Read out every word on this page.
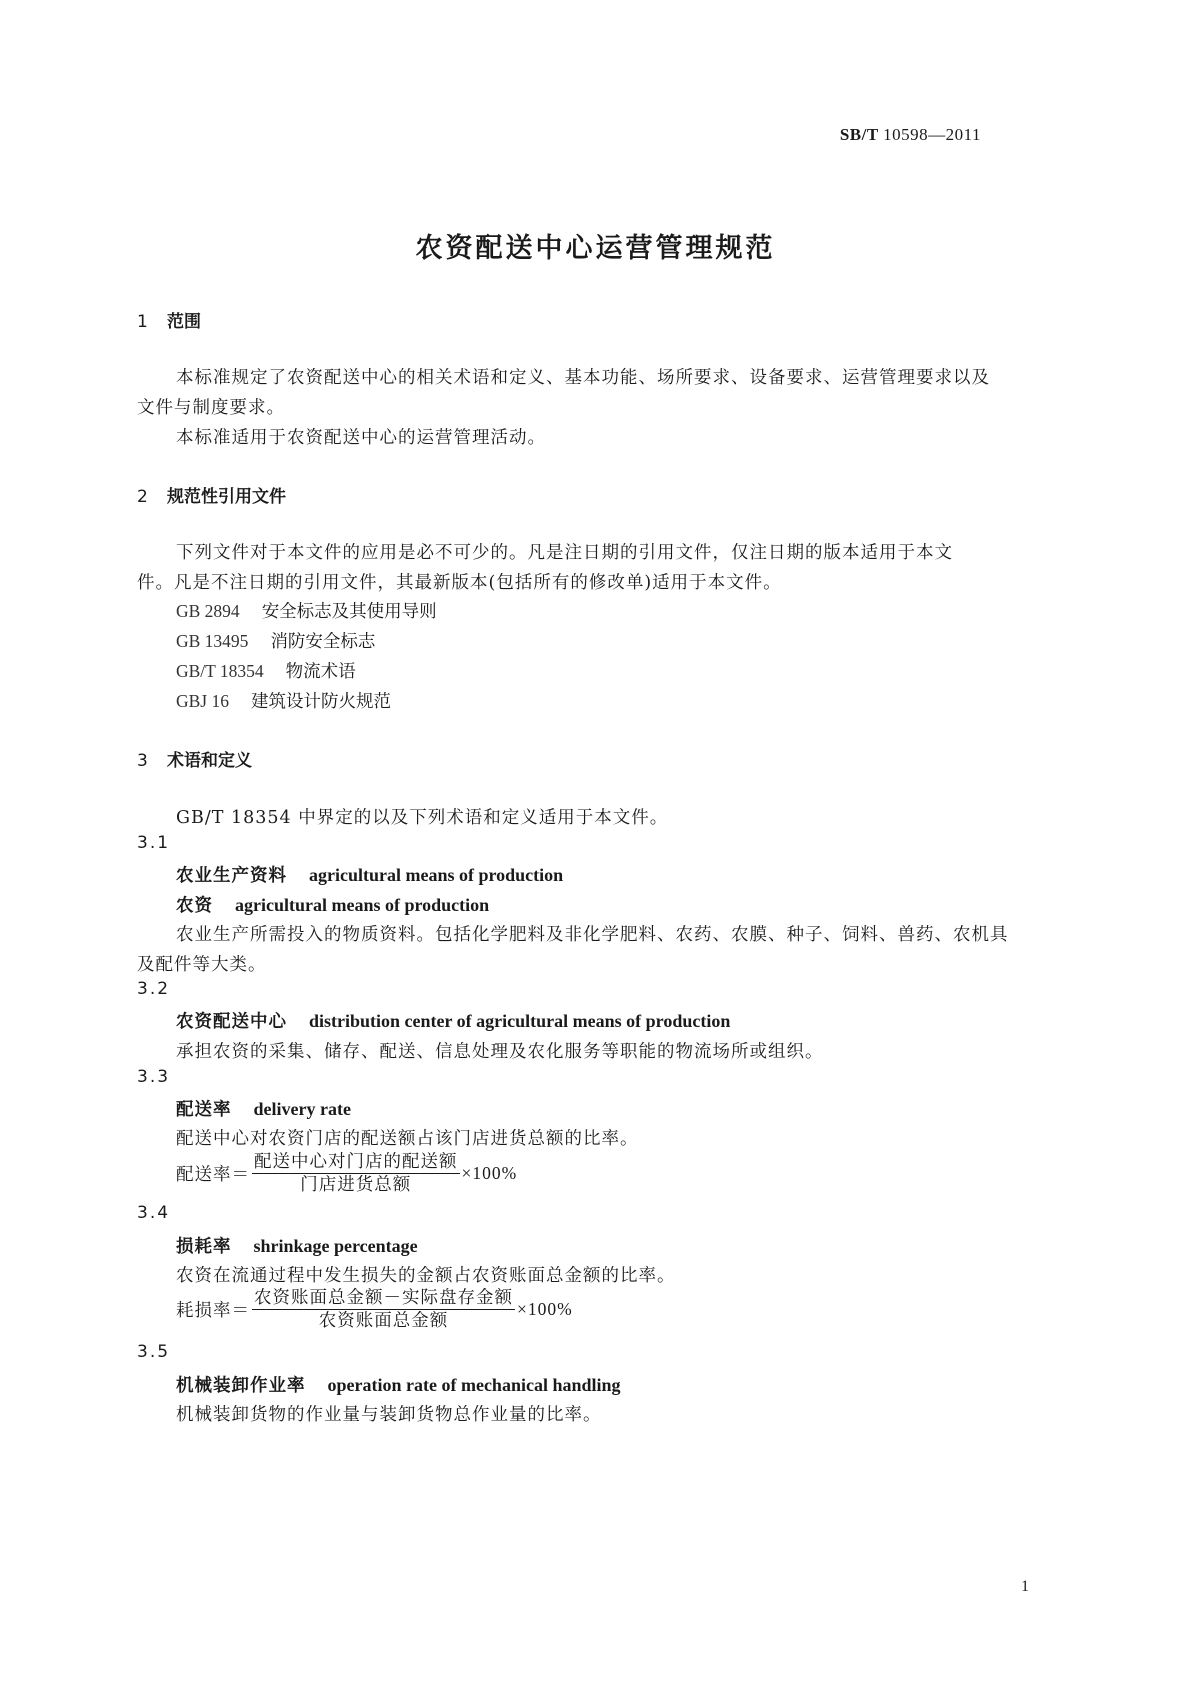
SB/T 10598—2011
农资配送中心运营管理规范
1 范围
本标准规定了农资配送中心的相关术语和定义、基本功能、场所要求、设备要求、运营管理要求以及
文件与制度要求。
本标准适用于农资配送中心的运营管理活动。
2 规范性引用文件
下列文件对于本文件的应用是必不可少的。凡是注日期的引用文件，仅注日期的版本适用于本文
件。凡是不注日期的引用文件，其最新版本(包括所有的修改单)适用于本文件。
GB 2894 安全标志及其使用导则
GB 13495 消防安全标志
GB/T 18354 物流术语
GBJ 16 建筑设计防火规范
3 术语和定义
GB/T 18354 中界定的以及下列术语和定义适用于本文件。
3.1
农业生产资料 agricultural means of production
农资 agricultural means of production
农业生产所需投入的物质资料。包括化学肥料及非化学肥料、农药、农膜、种子、饲料、兽药、农机具
及配件等大类。
3.2
农资配送中心 distribution center of agricultural means of production
承担农资的采集、储存、配送、信息处理及农化服务等职能的物流场所或组织。
3.3
配送率 delivery rate
配送中心对农资门店的配送额占该门店进货总额的比率。
配送率＝ $\frac{\text{配送中心对门店的配送额}}{\text{门店进货总额}} \times 100\%$
3.4
损耗率 shrinkage percentage
农资在流通过程中发生损失的金额占农资账面总金额的比率。
耗损率＝ $\frac{\text{农资账面总金额－实际盘存金额}}{\text{农资账面总金额}} \times 100\%$
3.5
机械装卸作业率 operation rate of mechanical handling
机械装卸货物的作业量与装卸货物总作业量的比率。
1
